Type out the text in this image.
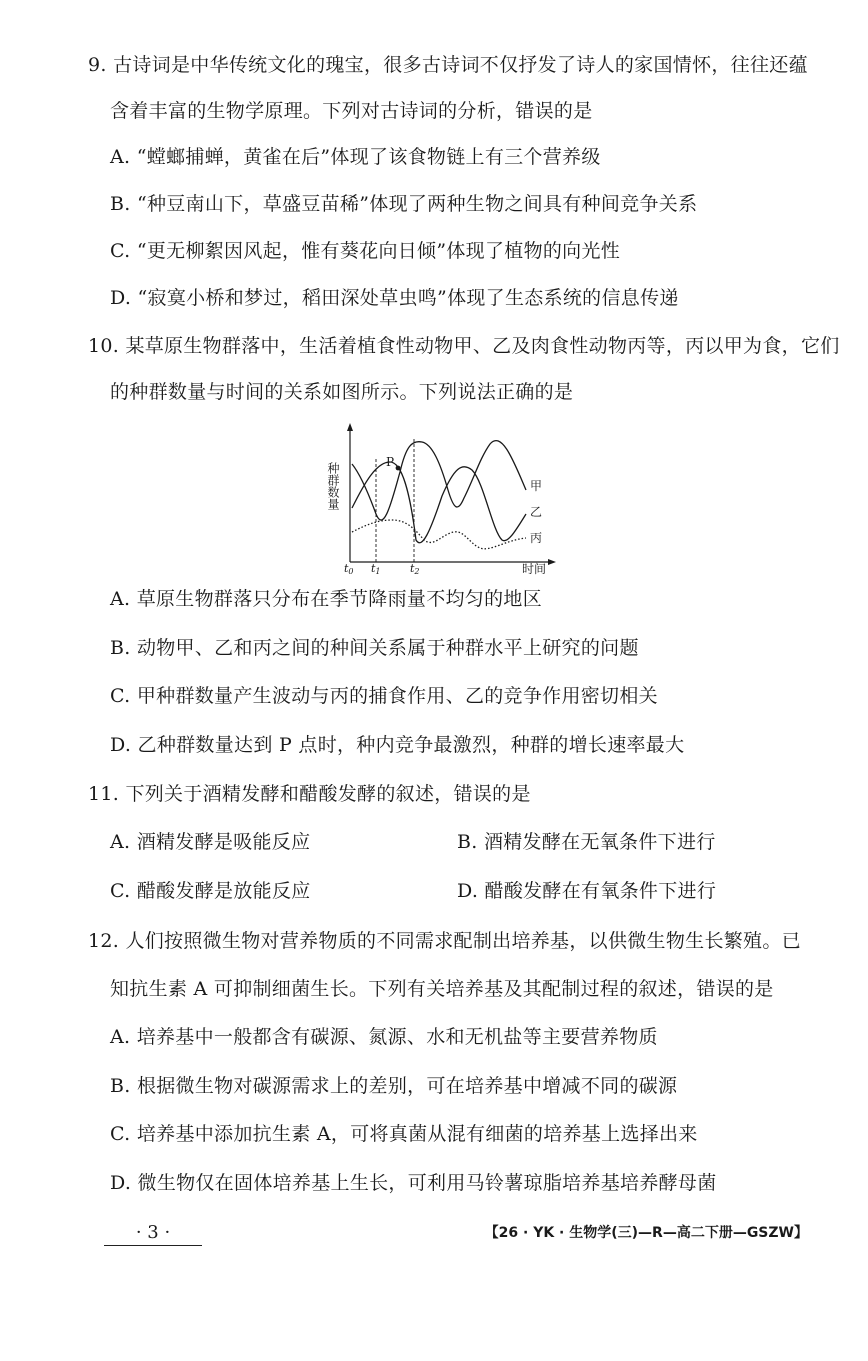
9. 古诗词是中华传统文化的瑰宝，很多古诗词不仅抒发了诗人的家国情怀，往往还蕴
含着丰富的生物学原理。下列对古诗词的分析，错误的是
A. “螳螂捕蝉，黄雀在后”体现了该食物链上有三个营养级
B. “种豆南山下，草盛豆苗稀”体现了两种生物之间具有种间竞争关系
C. “更无柳絮因风起，惟有葵花向日倾”体现了植物的向光性
D. “寂寞小桥和梦过，稻田深处草虫鸣”体现了生态系统的信息传递
10. 某草原生物群落中，生活着植食性动物甲、乙及肉食性动物丙等，丙以甲为食，它们
的种群数量与时间的关系如图所示。下列说法正确的是
P
种群数量
t0 t1	t2	时间
甲
乙
丙
A. 草原生物群落只分布在季节降雨量不均匀的地区
B. 动物甲、乙和丙之间的种间关系属于种群水平上研究的问题
C. 甲种群数量产生波动与丙的捕食作用、乙的竞争作用密切相关
D. 乙种群数量达到 P 点时，种内竞争最激烈，种群的增长速率最大
11. 下列关于酒精发酵和醋酸发酵的叙述，错误的是
A. 酒精发酵是吸能反应	B. 酒精发酵在无氧条件下进行
C. 醋酸发酵是放能反应	D. 醋酸发酵在有氧条件下进行
12. 人们按照微生物对营养物质的不同需求配制出培养基，以供微生物生长繁殖。已
知抗生素 A 可抑制细菌生长。下列有关培养基及其配制过程的叙述，错误的是
A. 培养基中一般都含有碳源、氮源、水和无机盐等主要营养物质
B. 根据微生物对碳源需求上的差别，可在培养基中增减不同的碳源
C. 培养基中添加抗生素 A，可将真菌从混有细菌的培养基上选择出来
D. 微生物仅在固体培养基上生长，可利用马铃薯琼脂培养基培养酵母菌
· 3 ·	【26 · YK · 生物学(三)—R—高二下册—GSZW】
